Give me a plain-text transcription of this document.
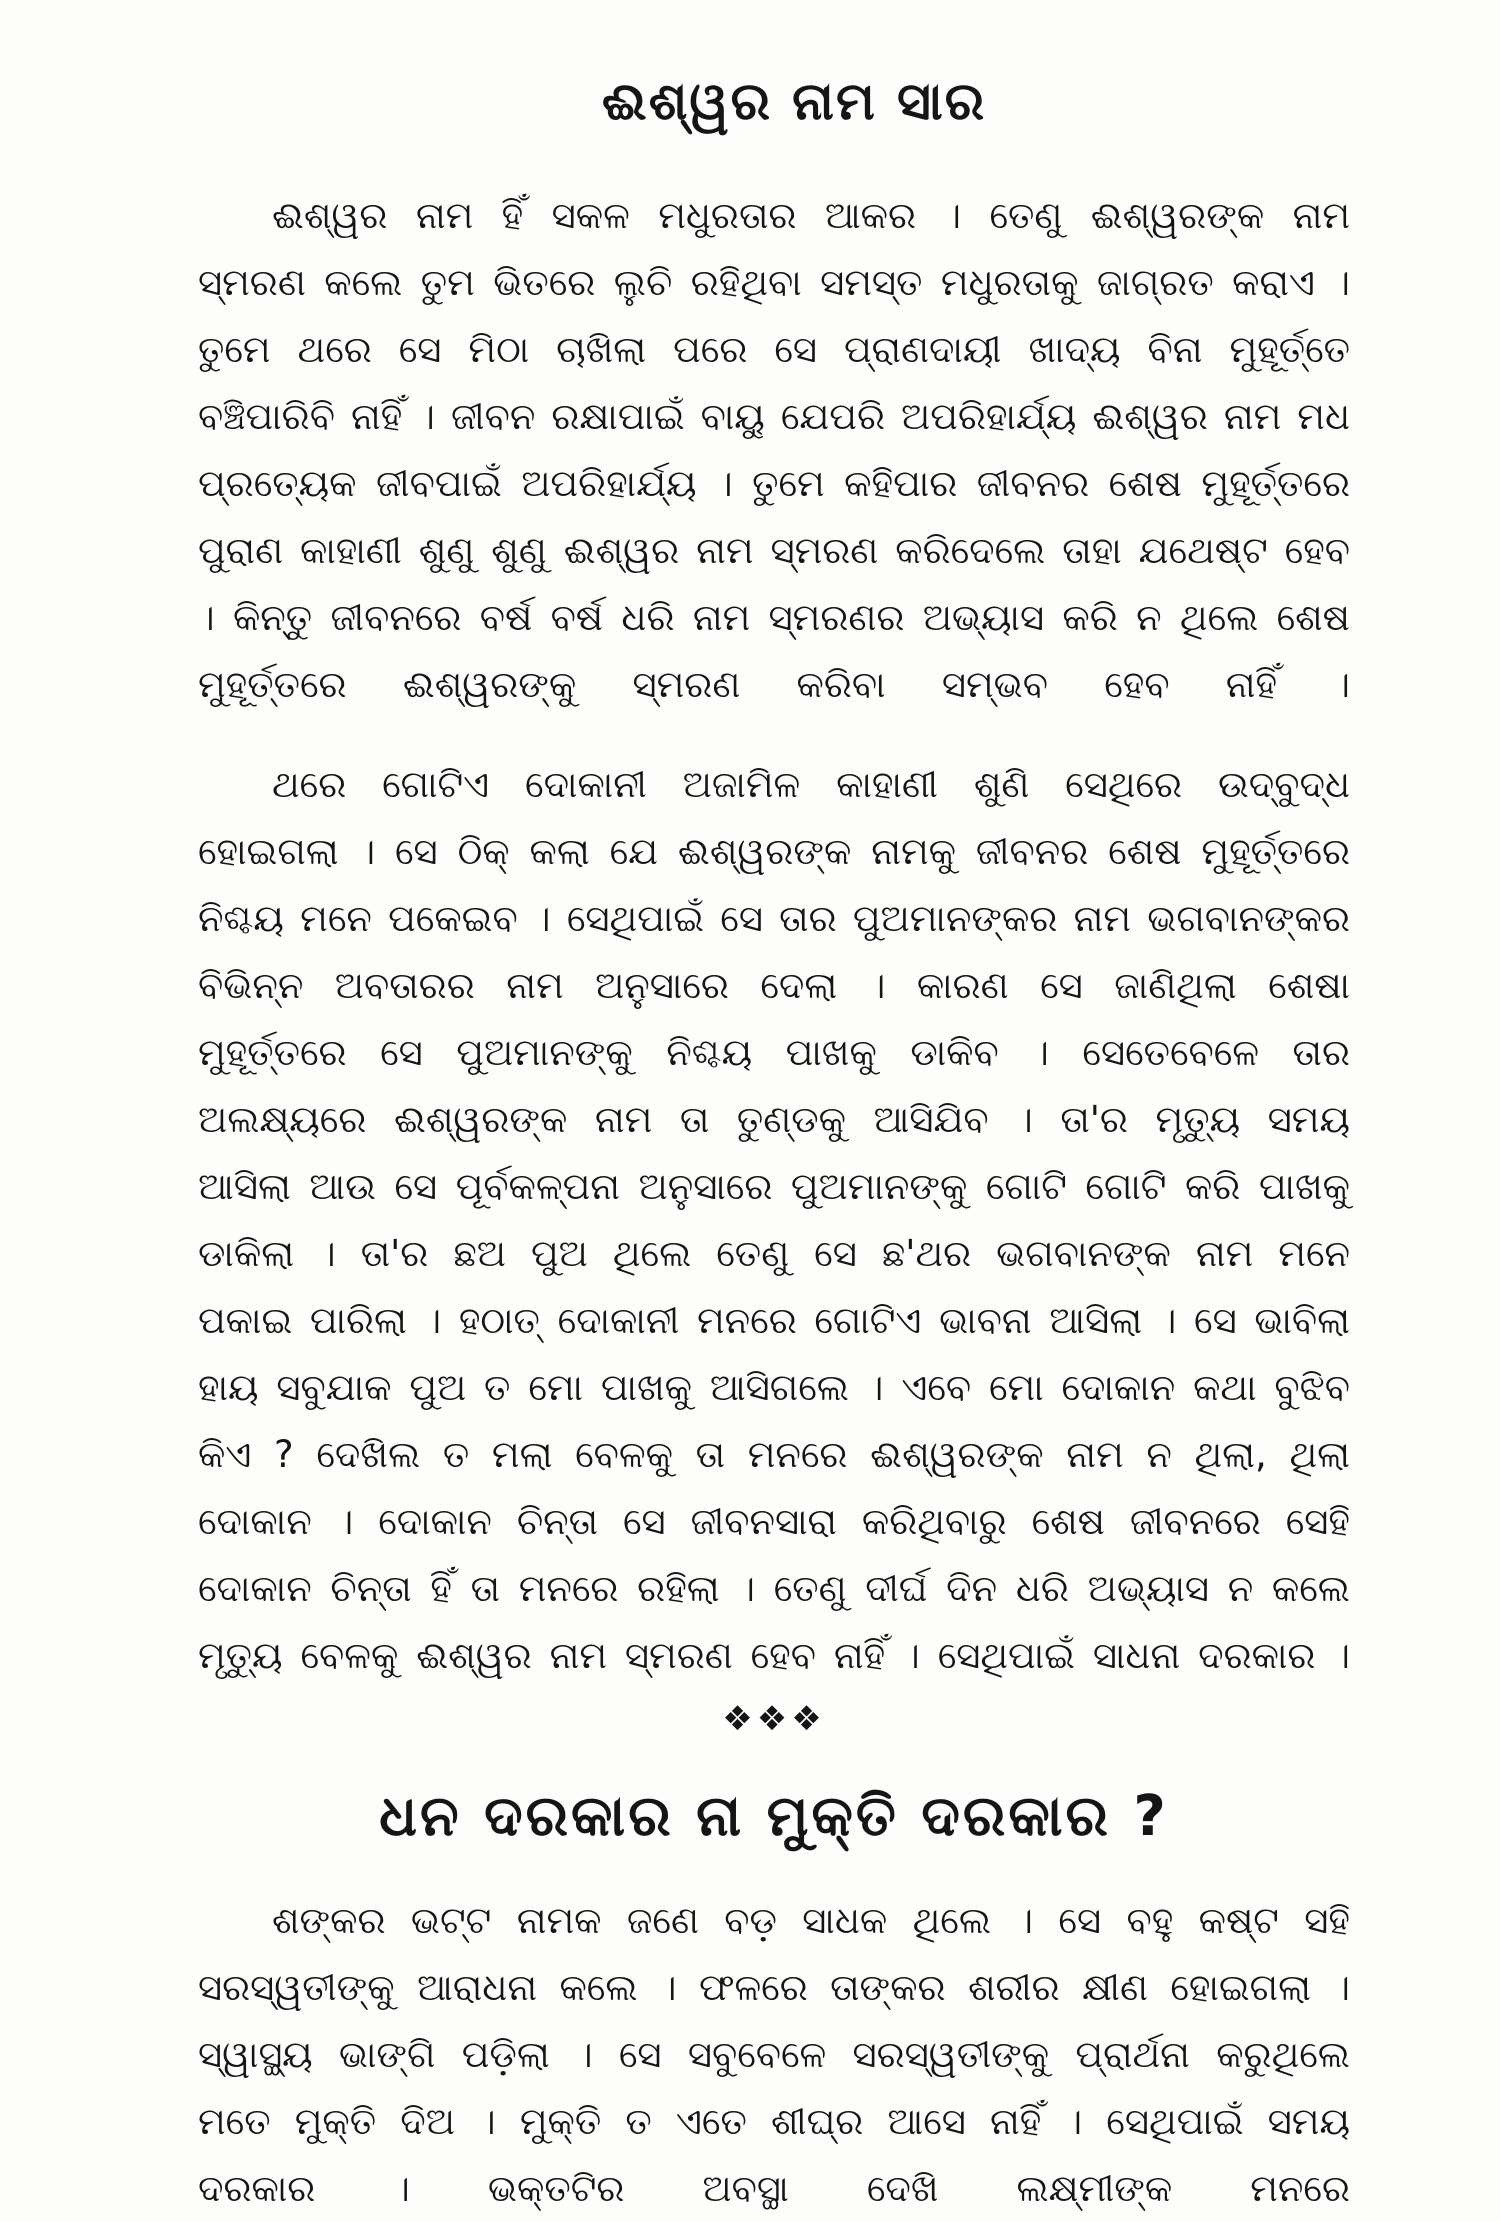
ଈଶ୍ୱର ନାମ ସାର

ଈଶ୍ୱର ନାମ ହିଁ ସକଳ ମଧୁରତାର ଆକର । ତେଣୁ ଈଶ୍ୱରଙ୍କ ନାମ ସ୍ମରଣ କଲେ ତୁମ ଭିତରେ ଲୁଚି ରହିଥିବା ସମସ୍ତ ମଧୁରତାକୁ ଜାଗ୍ରତ କରାଏ । ତୁମେ ଥରେ ସେ ମିଠା ଚାଖିଲା ପରେ ସେ ପ୍ରାଣଦାୟୀ ଖାଦ୍ୟ ବିନା ମୁହୂର୍ତ୍ତେ ବଞ୍ଚିପାରିବି ନାହିଁ । ଜୀବନ ରକ୍ଷାପାଇଁ ବାୟୁ ଯେପରି ଅପରିହାର୍ଯ୍ୟ ଈଶ୍ୱର ନାମ ମଧ ପ୍ରତ୍ୟେକ ଜୀବପାଇଁ ଅପରିହାର୍ଯ୍ୟ । ତୁମେ କହିପାର ଜୀବନର ଶେଷ ମୁହୂର୍ତ୍ତରେ ପୁରାଣ କାହାଣୀ ଶୁଣୁ ଶୁଣୁ ଈଶ୍ୱର ନାମ ସ୍ମରଣ କରିଦେଲେ ତାହା ଯଥେଷ୍ଟ ହେବ । କିନ୍ତୁ ଜୀବନରେ ବର୍ଷ ବର୍ଷ ଧରି ନାମ ସ୍ମରଣର ଅଭ୍ୟାସ କରି ନ ଥିଲେ ଶେଷ ମୁହୂର୍ତ୍ତରେ ଈଶ୍ୱରଙ୍କୁ ସ୍ମରଣ କରିବା ସମ୍ଭବ ହେବ ନାହିଁ ।

ଥରେ ଗୋଟିଏ ଦୋକାନୀ ଅଜାମିଳ କାହାଣୀ ଶୁଣି ସେଥିରେ ଉଦ୍‌ବୁଦ୍ଧ ହୋଇଗଲା । ସେ ଠିକ୍ କଲା ଯେ ଈଶ୍ୱରଙ୍କ ନାମକୁ ଜୀବନର ଶେଷ ମୁହୂର୍ତ୍ତରେ ନିଶ୍ଚୟ ମନେ ପକେଇବ । ସେଥିପାଇଁ ସେ ତାର ପୁଅମାନଙ୍କର ନାମ ଭଗବାନଙ୍କର ବିଭିନ୍ନ ଅବତାରର ନାମ ଅନୁସାରେ ଦେଲା । କାରଣ ସେ ଜାଣିଥିଲା ଶେଷା ମୁହୂର୍ତ୍ତରେ ସେ ପୁଅମାନଙ୍କୁ ନିଶ୍ଚୟ ପାଖକୁ ଡାକିବ । ସେତେବେଳେ ତାର ଅଲକ୍ଷ୍ୟରେ ଈଶ୍ୱରଙ୍କ ନାମ ତା ତୁଣ୍ଡକୁ ଆସିଯିବ । ତା'ର ମୃତ୍ୟୁ ସମୟ ଆସିଲା ଆଉ ସେ ପୂର୍ବକଳ୍ପନା ଅନୁସାରେ ପୁଅମାନଙ୍କୁ ଗୋଟି ଗୋଟି କରି ପାଖକୁ ଡାକିଲା । ତା'ର ଛଅ ପୁଅ ଥିଲେ ତେଣୁ ସେ ଛ'ଥର ଭଗବାନଙ୍କ ନାମ ମନେ ପକାଇ ପାରିଲା । ହଠାତ୍ ଦୋକାନୀ ମନରେ ଗୋଟିଏ ଭାବନା ଆସିଲା । ସେ ଭାବିଲା ହାୟ ସବୁଯାକ ପୁଅ ତ ମୋ ପାଖକୁ ଆସିଗଲେ । ଏବେ ମୋ ଦୋକାନ କଥା ବୁଝିବ କିଏ ? ଦେଖିଲ ତ ମଲା ବେଳକୁ ତା ମନରେ ଈଶ୍ୱରଙ୍କ ନାମ ନ ଥିଲା, ଥିଲା ଦୋକାନ । ଦୋକାନ ଚିନ୍ତା ସେ ଜୀବନସାରା କରିଥିବାରୁ ଶେଷ ଜୀବନରେ ସେହି ଦୋକାନ ଚିନ୍ତା ହିଁ ତା ମନରେ ରହିଲା । ତେଣୁ ଦୀର୍ଘ ଦିନ ଧରି ଅଭ୍ୟାସ ନ କଲେ ମୃତ୍ୟୁ ବେଳକୁ ଈଶ୍ୱର ନାମ ସ୍ମରଣ ହେବ ନାହିଁ । ସେଥିପାଇଁ ସାଧନା ଦରକାର ।

❖❖❖
ଧନ ଦରକାର ନା ମୁକ୍ତି ଦରକାର ?

ଶଙ୍କର ଭଟ୍ଟ ନାମକ ଜଣେ ବଡ଼ ସାଧକ ଥିଲେ । ସେ ବହୁ କଷ୍ଟ ସହି ସରସ୍ୱତୀଙ୍କୁ ଆରାଧନା କଲେ । ଫଳରେ ତାଙ୍କର ଶରୀର କ୍ଷୀଣ ହୋଇଗଲା । ସ୍ୱାସ୍ଥ୍ୟ ଭାଙ୍ଗି ପଡ଼ିଲା । ସେ ସବୁବେଳେ ସରସ୍ୱତୀଙ୍କୁ ପ୍ରାର୍ଥନା କରୁଥିଲେ ମତେ ମୁକ୍ତି ଦିଅ । ମୁକ୍ତି ତ ଏତେ ଶୀଘ୍ର ଆସେ ନାହିଁ । ସେଥିପାଇଁ ସମୟ ଦରକାର । ଭକ୍ତଟିର ଅବସ୍ଥା ଦେଖି ଲକ୍ଷ୍ମୀଙ୍କ ମନରେ
